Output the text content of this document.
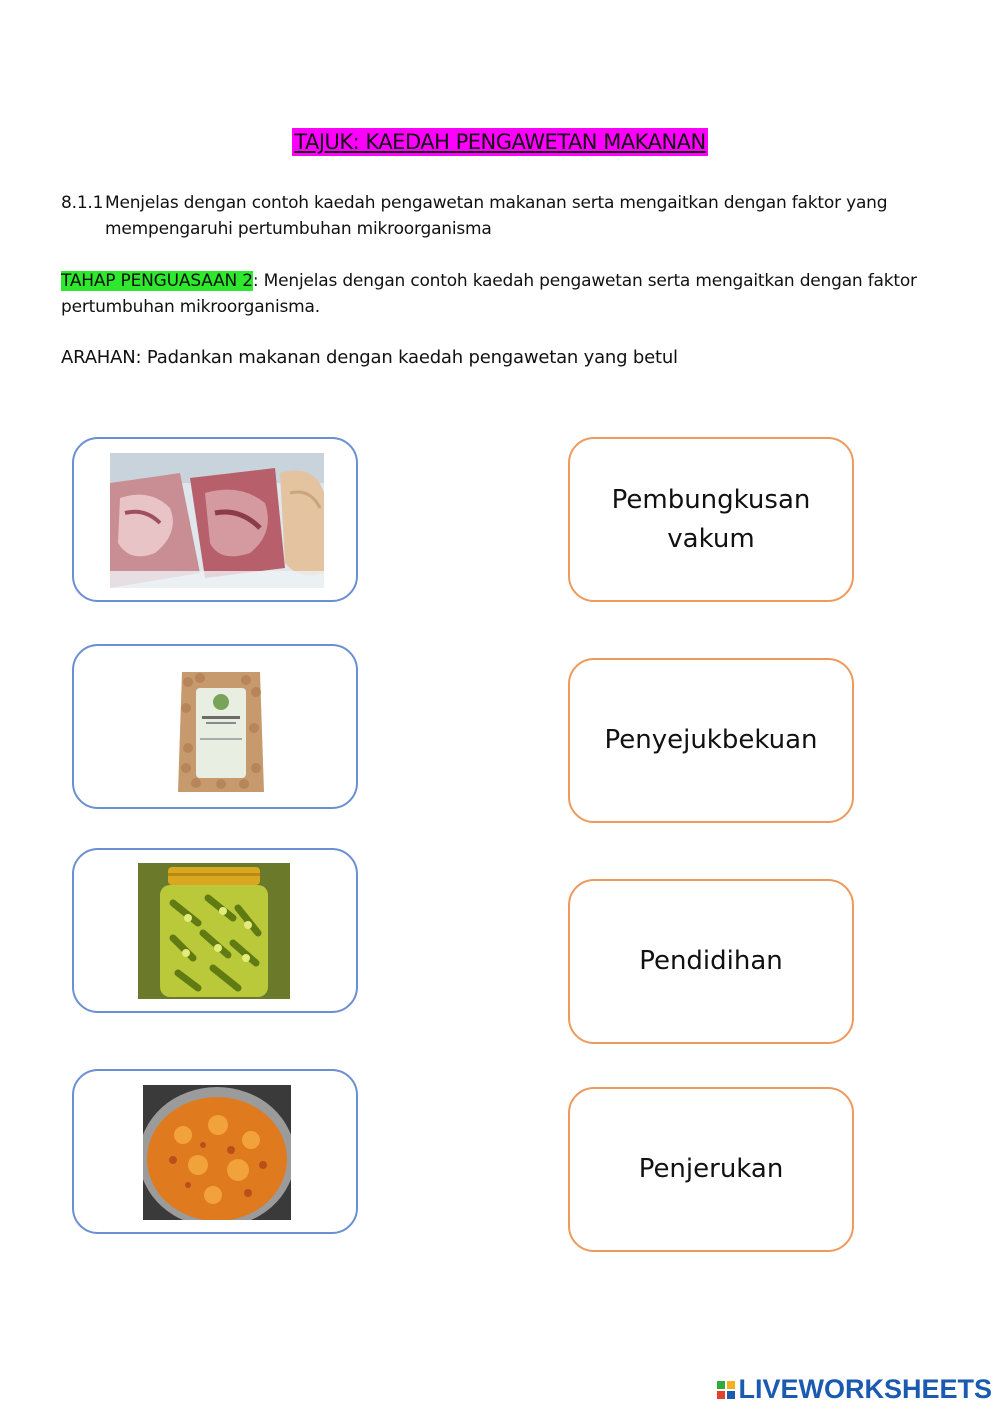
TAJUK: KAEDAH PENGAWETAN MAKANAN
8.1.1 Menjelas dengan contoh kaedah pengawetan makanan serta mengaitkan dengan faktor yang mempengaruhi pertumbuhan mikroorganisma
TAHAP PENGUASAAN 2: Menjelas dengan contoh kaedah pengawetan serta mengaitkan dengan faktor pertumbuhan mikroorganisma.
ARAHAN: Padankan makanan dengan kaedah pengawetan yang betul
Pembungkusan
vakum
Penyejukbekuan
Pendidihan
Penjerukan
LIVEWORKSHEETS
